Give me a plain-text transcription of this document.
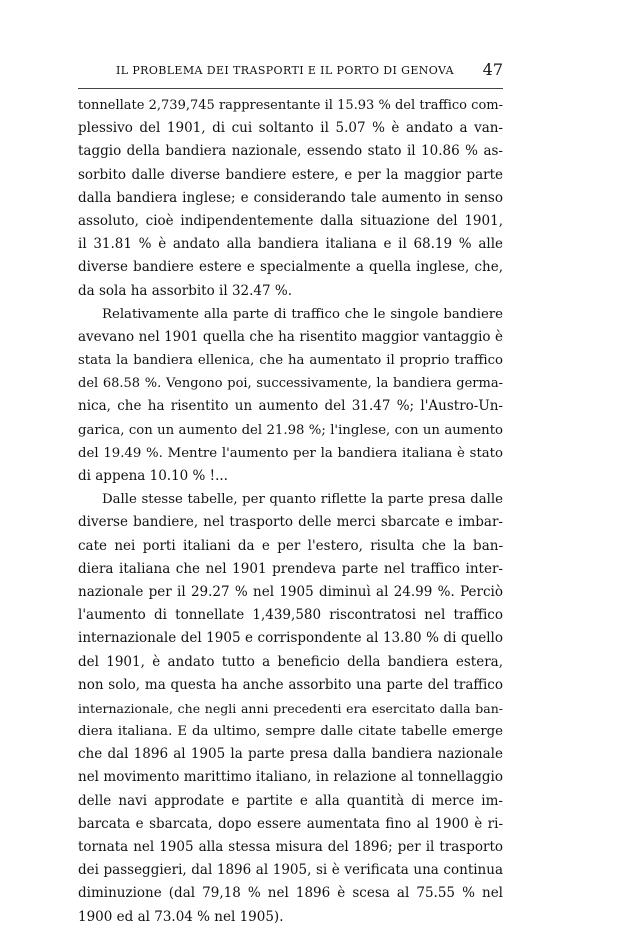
IL PROBLEMA DEI TRASPORTI E IL PORTO DI GENOVA 47
tonnellate 2,739,745 rappresentante il 15.93 % del traffico com-
plessivo del 1901, di cui soltanto il 5.07 % è andato a van-
taggio della bandiera nazionale, essendo stato il 10.86 % as-
sorbito dalle diverse bandiere estere, e per la maggior parte
dalla bandiera inglese; e considerando tale aumento in senso
assoluto, cioè indipendentemente dalla situazione del 1901,
il 31.81 % è andato alla bandiera italiana e il 68.19 % alle
diverse bandiere estere e specialmente a quella inglese, che,
da sola ha assorbito il 32.47 %.
Relativamente alla parte di traffico che le singole bandiere
avevano nel 1901 quella che ha risentito maggior vantaggio è
stata la bandiera ellenica, che ha aumentato il proprio traffico
del 68.58 %. Vengono poi, successivamente, la bandiera germa-
nica, che ha risentito un aumento del 31.47 %; l'Austro-Un-
garica, con un aumento del 21.98 %; l'inglese, con un aumento
del 19.49 %. Mentre l'aumento per la bandiera italiana è stato
di appena 10.10 % !...
Dalle stesse tabelle, per quanto riflette la parte presa dalle
diverse bandiere, nel trasporto delle merci sbarcate e imbar-
cate nei porti italiani da e per l'estero, risulta che la ban-
diera italiana che nel 1901 prendeva parte nel traffico inter-
nazionale per il 29.27 % nel 1905 diminuì al 24.99 %. Perciò
l'aumento di tonnellate 1,439,580 riscontratosi nel traffico
internazionale del 1905 e corrispondente al 13.80 % di quello
del 1901, è andato tutto a beneficio della bandiera estera,
non solo, ma questa ha anche assorbito una parte del traffico
internazionale, che negli anni precedenti era esercitato dalla ban-
diera italiana. E da ultimo, sempre dalle citate tabelle emerge
che dal 1896 al 1905 la parte presa dalla bandiera nazionale
nel movimento marittimo italiano, in relazione al tonnellaggio
delle navi approdate e partite e alla quantità di merce im-
barcata e sbarcata, dopo essere aumentata fino al 1900 è ri-
tornata nel 1905 alla stessa misura del 1896; per il trasporto
dei passeggieri, dal 1896 al 1905, si è verificata una continua
diminuzione (dal 79,18 % nel 1896 è scesa al 75.55 % nel
1900 ed al 73.04 % nel 1905).
